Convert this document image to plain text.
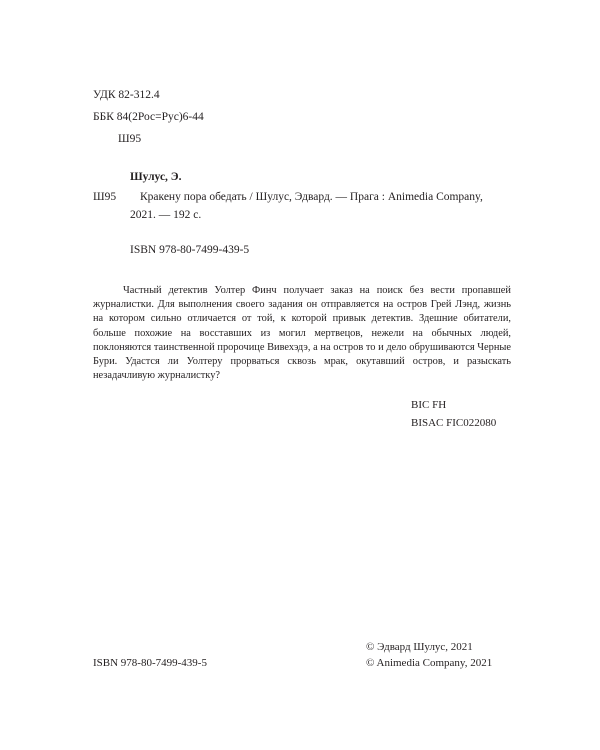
УДК 82-312.4
ББК 84(2Рос=Рус)6-44
Ш95
Шулус, Э.
Ш95 Кракену пора обедать / Шулус, Эдвард. — Прага : Animedia Company,
2021. — 192 с.
ISBN 978-80-7499-439-5

Частный детектив Уолтер Финч получает заказ на поиск без вести пропавшей журналистки. Для выполнения своего задания он отправляется на остров Грей Лэнд, жизнь на котором сильно отличается от той, к которой привык детектив. Здешние обитатели, больше похожие на восставших из могил мертвецов, нежели на обычных людей, поклоняются таинственной пророчице Вивехэдэ, а на остров то и дело обрушиваются Черные Бури. Удастся ли Уолтеру прорваться сквозь мрак, окутавший остров, и разыскать незадачливую журналистку?

BIC FH
BISAC FIC022080
ISBN 978-80-7499-439-5
© Эдвард Шулус, 2021
© Animedia Company, 2021
